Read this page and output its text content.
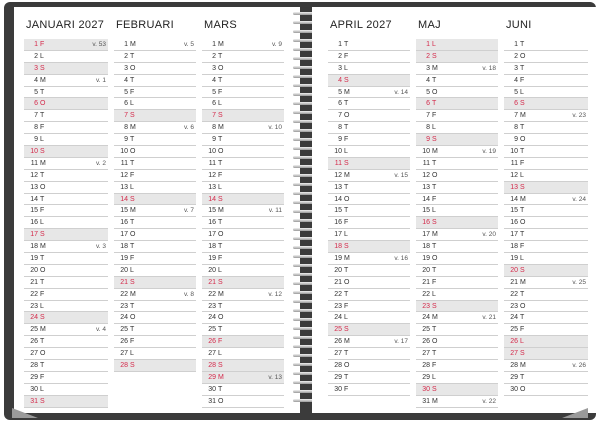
JANUARI 2027
1 F	v. 53
2 L
3 S
4 M	v. 1
5 T
6 O
7 T
8 F
9 L
10 S
11 M	v. 2
12 T
13 O
14 T
15 F
16 L
17 S
18 M	v. 3
19 T
20 O
21 T
22 F
23 L
24 S
25 M	v. 4
26 T
27 O
28 T
29 F
30 L
31 S
FEBRUARI
1 M	v. 5
2 T
3 O
4 T
5 F
6 L
7 S
8 M	v. 6
9 T
10 O
11 T
12 F
13 L
14 S
15 M	v. 7
16 T
17 O
18 T
19 F
20 L
21 S
22 M	v. 8
23 T
24 O
25 T
26 F
27 L
28 S
MARS
1 M	v. 9
2 T
3 O
4 T
5 F
6 L
7 S
8 M	v. 10
9 T
10 O
11 T
12 F
13 L
14 S
15 M	v. 11
16 T
17 O
18 T
19 F
20 L
21 S
22 M	v. 12
23 T
24 O
25 T
26 F
27 L
28 S
29 M	v. 13
30 T
31 O
APRIL 2027
1 T
2 F
3 L
4 S
5 M	v. 14
6 T
7 O
8 T
9 F
10 L
11 S
12 M	v. 15
13 T
14 O
15 T
16 F
17 L
18 S
19 M	v. 16
20 T
21 O
22 T
23 F
24 L
25 S
26 M	v. 17
27 T
28 O
29 T
30 F
MAJ
1 L
2 S
3 M	v. 18
4 T
5 O
6 T
7 F
8 L
9 S
10 M	v. 19
11 T
12 O
13 T
14 F
15 L
16 S
17 M	v. 20
18 T
19 O
20 T
21 F
22 L
23 S
24 M	v. 21
25 T
26 O
27 T
28 F
29 L
30 S
31 M	v. 22
JUNI
1 T
2 O
3 T
4 F
5 L
6 S
7 M	v. 23
8 T
9 O
10 T
11 F
12 L
13 S
14 M	v. 24
15 T
16 O
17 T
18 F
19 L
20 S
21 M	v. 25
22 T
23 O
24 T
25 F
26 L
27 S
28 M	v. 26
29 T
30 O
